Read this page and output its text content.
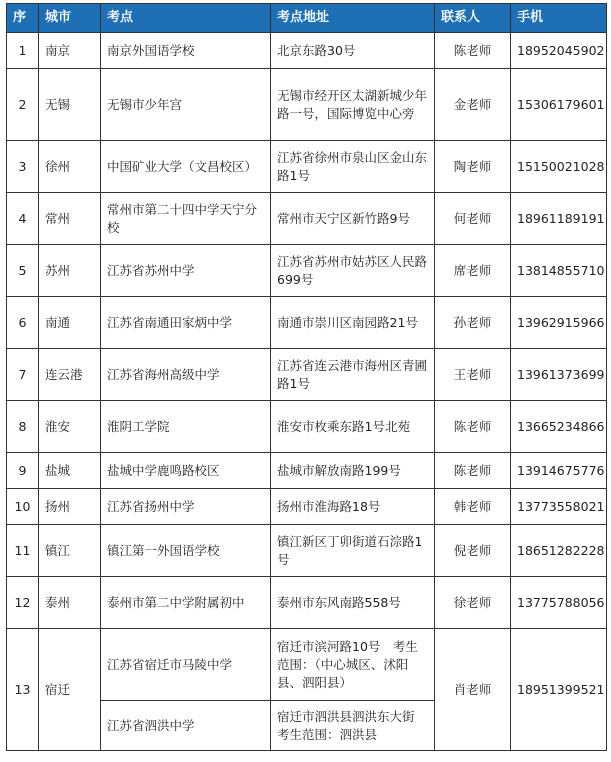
序	城市	考点	考点地址	联系人	手机
1	南京	南京外国语学校	北京东路30号	陈老师	18952045902
2	无锡	无锡市少年宫	无锡市经开区太湖新城少年路一号，国际博览中心旁	金老师	15306179601
3	徐州	中国矿业大学（文昌校区）	江苏省徐州市泉山区金山东路1号	陶老师	15150021028
4	常州	常州市第二十四中学天宁分校	常州市天宁区新竹路9号	何老师	18961189191
5	苏州	江苏省苏州中学	江苏省苏州市姑苏区人民路699号	席老师	13814855710
6	南通	江苏省南通田家炳中学	南通市崇川区南园路21号	孙老师	13962915966
7	连云港	江苏省海州高级中学	江苏省连云港市海州区青圃路1号	王老师	13961373699
8	淮安	淮阴工学院	淮安市枚乘东路1号北苑	陈老师	13665234866
9	盐城	盐城中学鹿鸣路校区	盐城市解放南路199号	陈老师	13914675776
10	扬州	江苏省扬州中学	扬州市淮海路18号	韩老师	13773558021
11	镇江	镇江第一外国语学校	镇江新区丁卯街道石淙路1号	倪老师	18651282228
12	泰州	泰州市第二中学附属初中	泰州市东风南路558号	徐老师	13775788056
13	宿迁	江苏省宿迁市马陵中学	宿迁市滨河路10号　考生范围：（中心城区、沭阳县、泗阳县）	肖老师	18951399521
		江苏省泗洪中学	宿迁市泗洪县泗洪东大街　考生范围：泗洪县		
